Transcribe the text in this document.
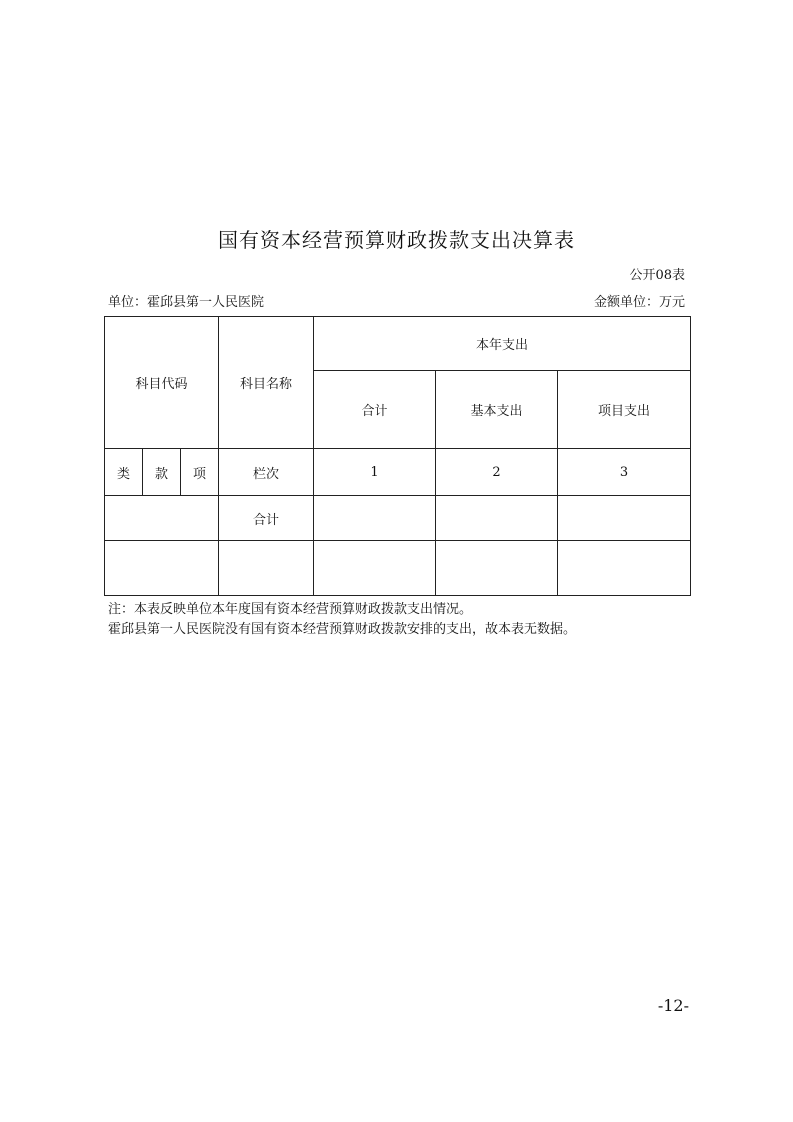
国有资本经营预算财政拨款支出决算表
公开08表
单位：霍邱县第一人民医院	金额单位：万元
科目代码			科目名称	本年支出		
				合计	基本支出	项目支出
类	款	项	栏次	1	2	3
			合计			

注：本表反映单位本年度国有资本经营预算财政拨款支出情况。
霍邱县第一人民医院没有国有资本经营预算财政拨款安排的支出，故本表无数据。
-12-
